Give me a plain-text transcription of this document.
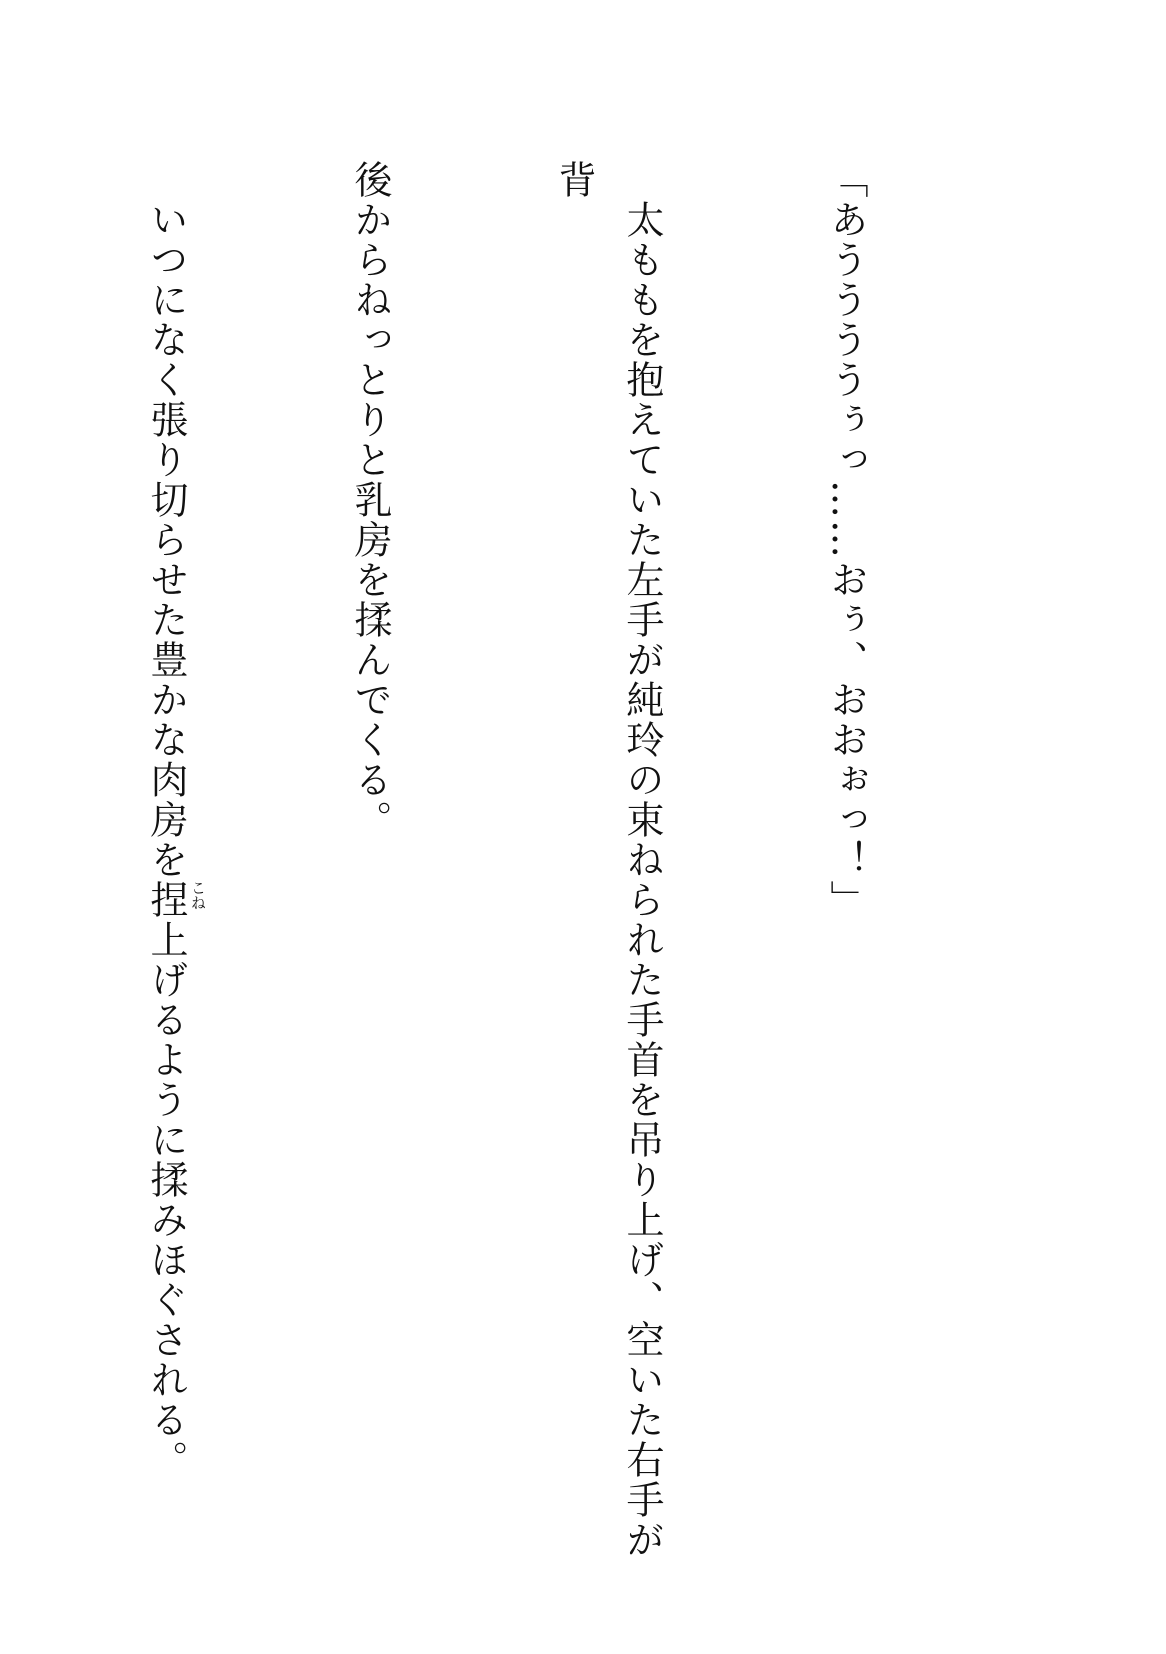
「あううううぅっ……おぅ、おおぉっ！」

　太ももを抱えていた左手が純玲の束ねられた手首を吊り上げ、空いた右手が背

後からねっとりと乳房を揉んでくる。

　いつになく張り切らせた豊かな肉房を捏 こね
上げるように揉みほぐされる。
